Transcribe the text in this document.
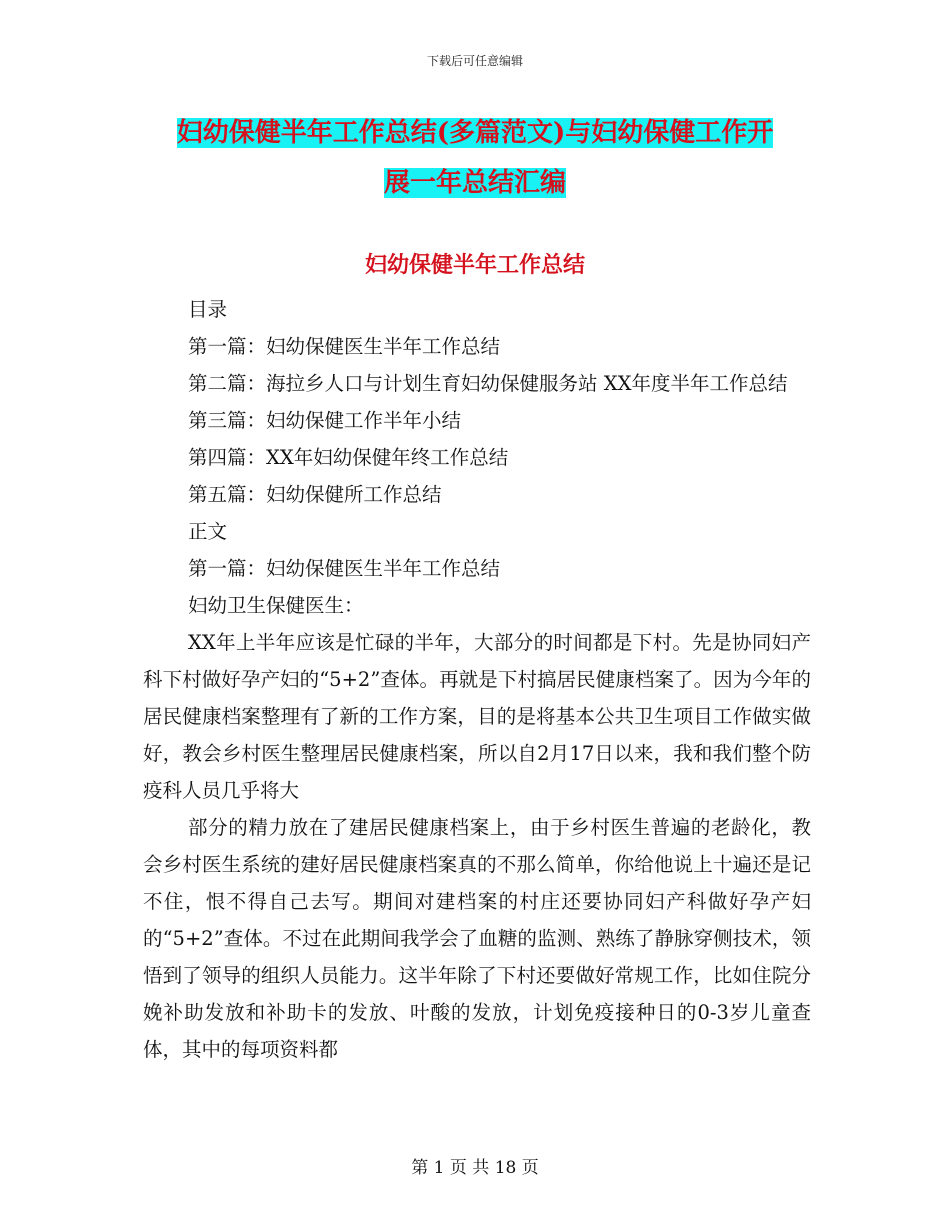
下载后可任意编辑
妇幼保健半年工作总结(多篇范文)与妇幼保健工作开
展一年总结汇编
妇幼保健半年工作总结

目录

第一篇：妇幼保健医生半年工作总结

第二篇：海拉乡人口与计划生育妇幼保健服务站 XX年度半年工作总结

第三篇：妇幼保健工作半年小结

第四篇：XX年妇幼保健年终工作总结

第五篇：妇幼保健所工作总结

正文

第一篇：妇幼保健医生半年工作总结

妇幼卫生保健医生：

XX年上半年应该是忙碌的半年，大部分的时间都是下村。先是协同妇产科下村做好孕产妇的“5+2”查体。再就是下村搞居民健康档案了。因为今年的居民健康档案整理有了新的工作方案，目的是将基本公共卫生项目工作做实做好，教会乡村医生整理居民健康档案，所以自2月17日以来，我和我们整个防疫科人员几乎将大

部分的精力放在了建居民健康档案上，由于乡村医生普遍的老龄化，教会乡村医生系统的建好居民健康档案真的不那么简单，你给他说上十遍还是记不住，恨不得自己去写。期间对建档案的村庄还要协同妇产科做好孕产妇的“5+2”查体。不过在此期间我学会了血糖的监测、熟练了静脉穿侧技术，领悟到了领导的组织人员能力。这半年除了下村还要做好常规工作，比如住院分娩补助发放和补助卡的发放、叶酸的发放，计划免疫接种日的0-3岁儿童查体，其中的每项资料都

第 1 页 共 18 页
